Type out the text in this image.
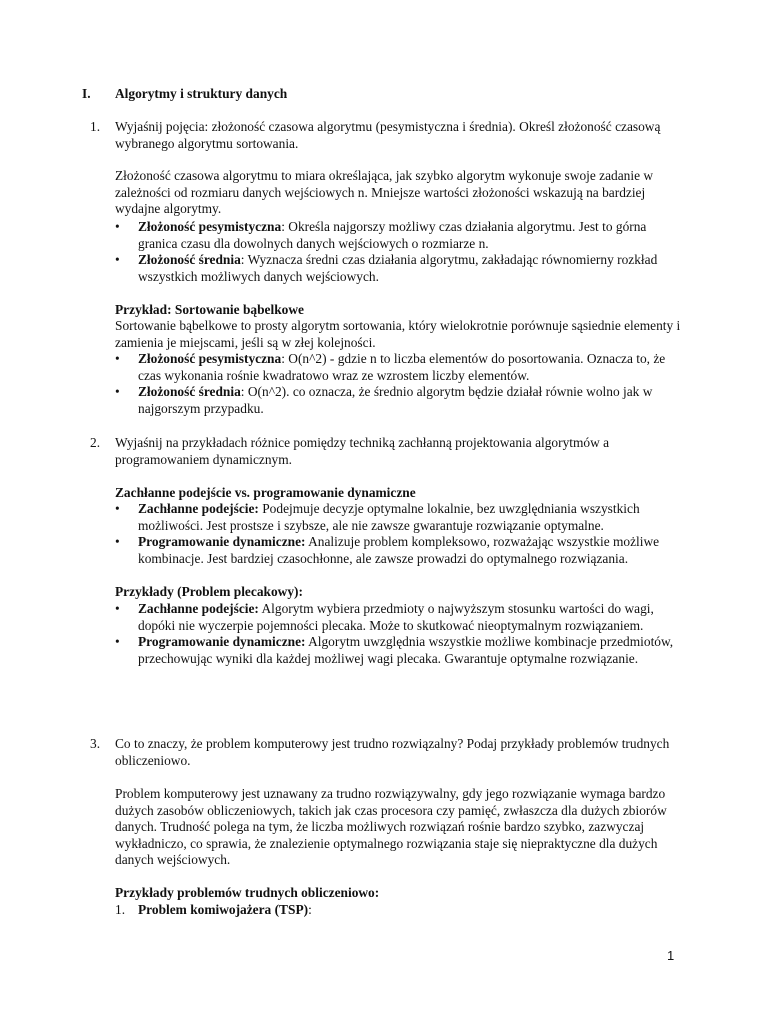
I. Algorytmy i struktury danych

1. Wyjaśnij pojęcia: złożoność czasowa algorytmu (pesymistyczna i średnia). Określ złożoność czasową wybranego algorytmu sortowania.

Złożoność czasowa algorytmu to miara określająca, jak szybko algorytm wykonuje swoje zadanie w zależności od rozmiaru danych wejściowych n. Mniejsze wartości złożoności wskazują na bardziej wydajne algorytmy.

• Złożoność pesymistyczna: Określa najgorszy możliwy czas działania algorytmu. Jest to górna granica czasu dla dowolnych danych wejściowych o rozmiarze n.
• Złożoność średnia: Wyznacza średni czas działania algorytmu, zakładając równomierny rozkład wszystkich możliwych danych wejściowych.

Przykład: Sortowanie bąbelkowe

Sortowanie bąbelkowe to prosty algorytm sortowania, który wielokrotnie porównuje sąsiednie elementy i zamienia je miejscami, jeśli są w złej kolejności.

• Złożoność pesymistyczna: O(n^2) - gdzie n to liczba elementów do posortowania. Oznacza to, że czas wykonania rośnie kwadratowo wraz ze wzrostem liczby elementów.
• Złożoność średnia: O(n^2). co oznacza, że średnio algorytm będzie działał równie wolno jak w najgorszym przypadku.
2. Wyjaśnij na przykładach różnice pomiędzy techniką zachłanną projektowania algorytmów a programowaniem dynamicznym.

Zachłanne podejście vs. programowanie dynamiczne

• Zachłanne podejście: Podejmuje decyzje optymalne lokalnie, bez uwzględniania wszystkich możliwości. Jest prostsze i szybsze, ale nie zawsze gwarantuje rozwiązanie optymalne.
• Programowanie dynamiczne: Analizuje problem kompleksowo, rozważając wszystkie możliwe kombinacje. Jest bardziej czasochłonne, ale zawsze prowadzi do optymalnego rozwiązania.

Przykłady (Problem plecakowy):

• Zachłanne podejście: Algorytm wybiera przedmioty o najwyższym stosunku wartości do wagi, dopóki nie wyczerpie pojemności plecaka. Może to skutkować nieoptymalnym rozwiązaniem.
• Programowanie dynamiczne: Algorytm uwzględnia wszystkie możliwe kombinacje przedmiotów, przechowując wyniki dla każdej możliwej wagi plecaka. Gwarantuje optymalne rozwiązanie.
3. Co to znaczy, że problem komputerowy jest trudno rozwiązalny? Podaj przykłady problemów trudnych obliczeniowo.

Problem komputerowy jest uznawany za trudno rozwiązywalny, gdy jego rozwiązanie wymaga bardzo dużych zasobów obliczeniowych, takich jak czas procesora czy pamięć, zwłaszcza dla dużych zbiorów danych. Trudność polega na tym, że liczba możliwych rozwiązań rośnie bardzo szybko, zazwyczaj wykładniczo, co sprawia, że znalezienie optymalnego rozwiązania staje się niepraktyczne dla dużych danych wejściowych.

Przykłady problemów trudnych obliczeniowo:

1. Problem komiwojażera (TSP):
1
